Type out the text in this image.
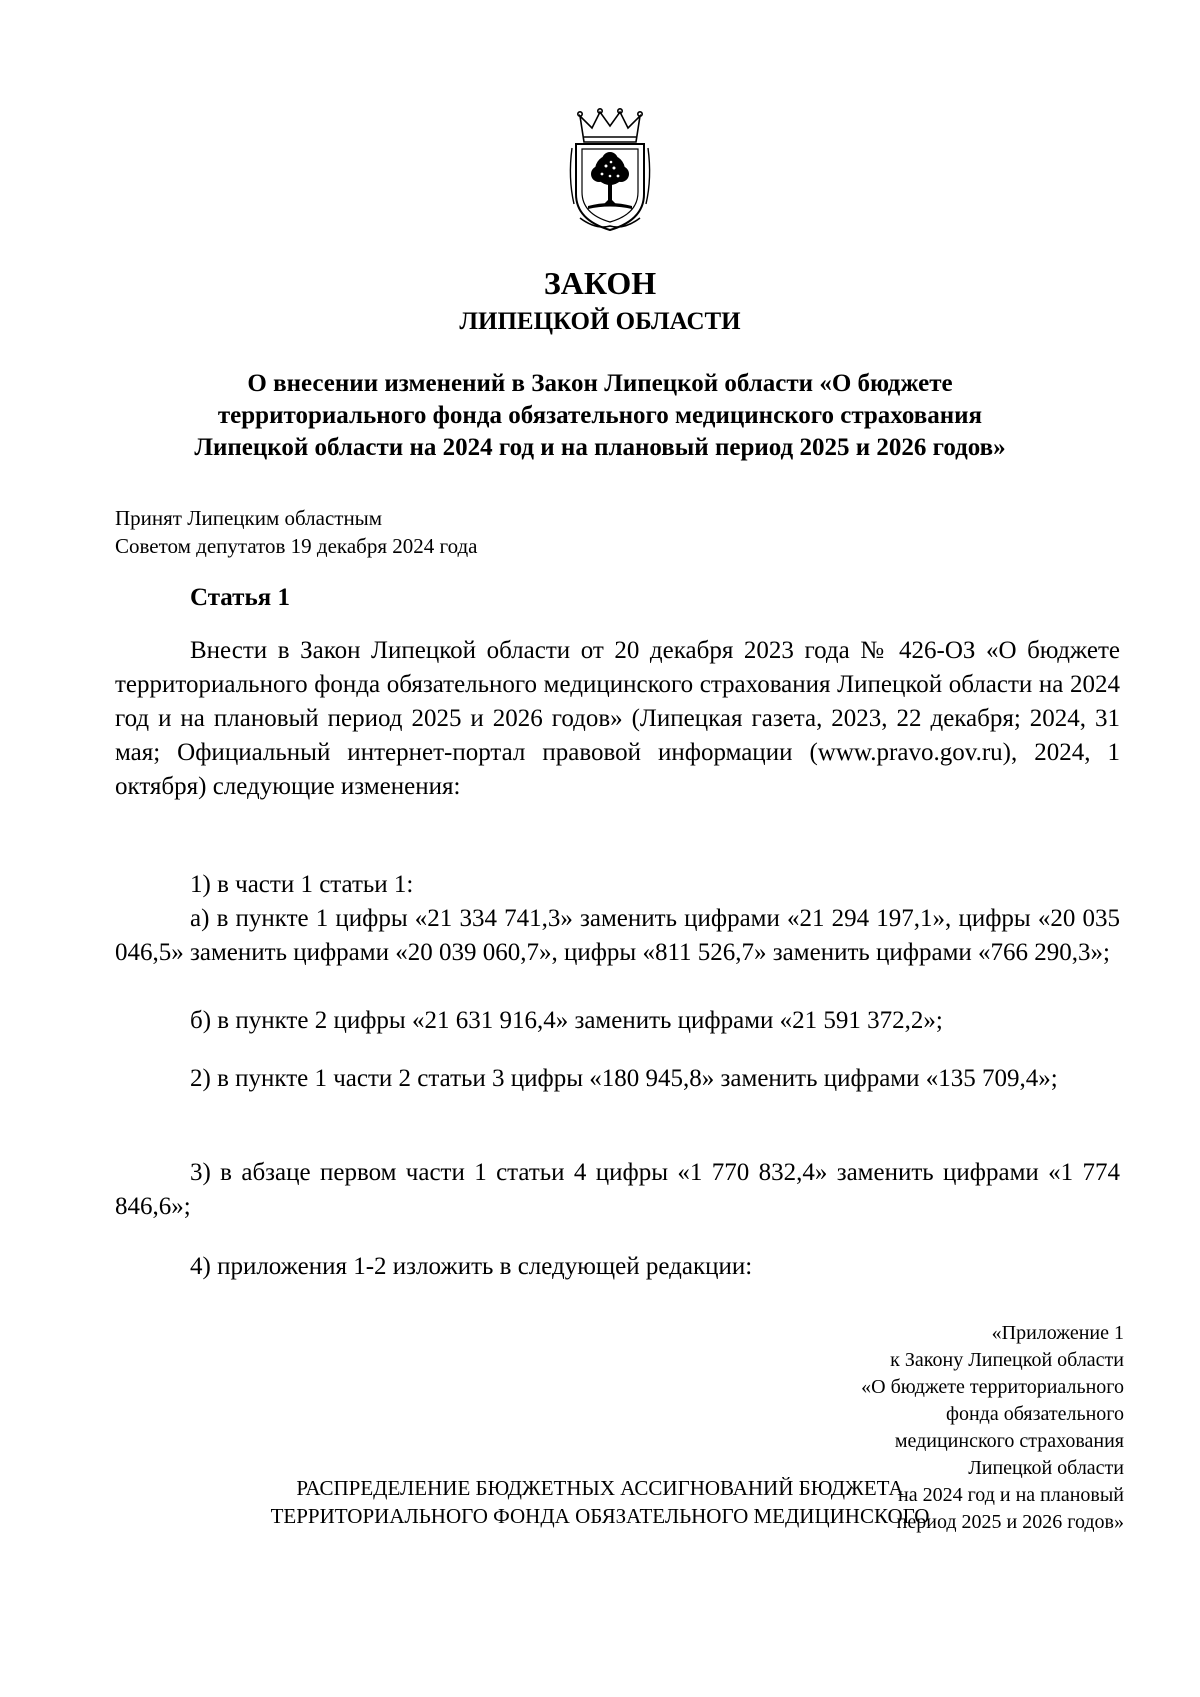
ЗАКОН
ЛИПЕЦКОЙ ОБЛАСТИ
О внесении изменений в Закон Липецкой области «О бюджете
территориального фонда обязательного медицинского страхования
Липецкой области на 2024 год и на плановый период 2025 и 2026 годов»
Принят Липецким областным
Советом депутатов 19 декабря 2024 года
Статья 1
Внести в Закон Липецкой области от 20 декабря 2023 года № 426-ОЗ «О бюджете территориального фонда обязательного медицинского страхования Липецкой области на 2024 год и на плановый период 2025 и 2026 годов» (Липецкая газета, 2023, 22 декабря; 2024, 31 мая; Официальный интернет-портал правовой информации (www.pravo.gov.ru), 2024, 1 октября) следующие изменения:
1) в части 1 статьи 1:
а) в пункте 1 цифры «21 334 741,3» заменить цифрами «21 294 197,1», цифры «20 035 046,5» заменить цифрами «20 039 060,7», цифры «811 526,7» заменить цифрами «766 290,3»;
б) в пункте 2 цифры «21 631 916,4» заменить цифрами «21 591 372,2»;
2) в пункте 1 части 2 статьи 3 цифры «180 945,8» заменить цифрами «135 709,4»;
3) в абзаце первом части 1 статьи 4 цифры «1 770 832,4» заменить цифрами «1 774 846,6»;
4) приложения 1-2 изложить в следующей редакции:
«Приложение 1
к Закону Липецкой области
«О бюджете территориального
фонда обязательного
медицинского страхования
Липецкой области
на 2024 год и на плановый
период 2025 и 2026 годов»
РАСПРЕДЕЛЕНИЕ БЮДЖЕТНЫХ АССИГНОВАНИЙ БЮДЖЕТА
ТЕРРИТОРИАЛЬНОГО ФОНДА ОБЯЗАТЕЛЬНОГО МЕДИЦИНСКОГО
